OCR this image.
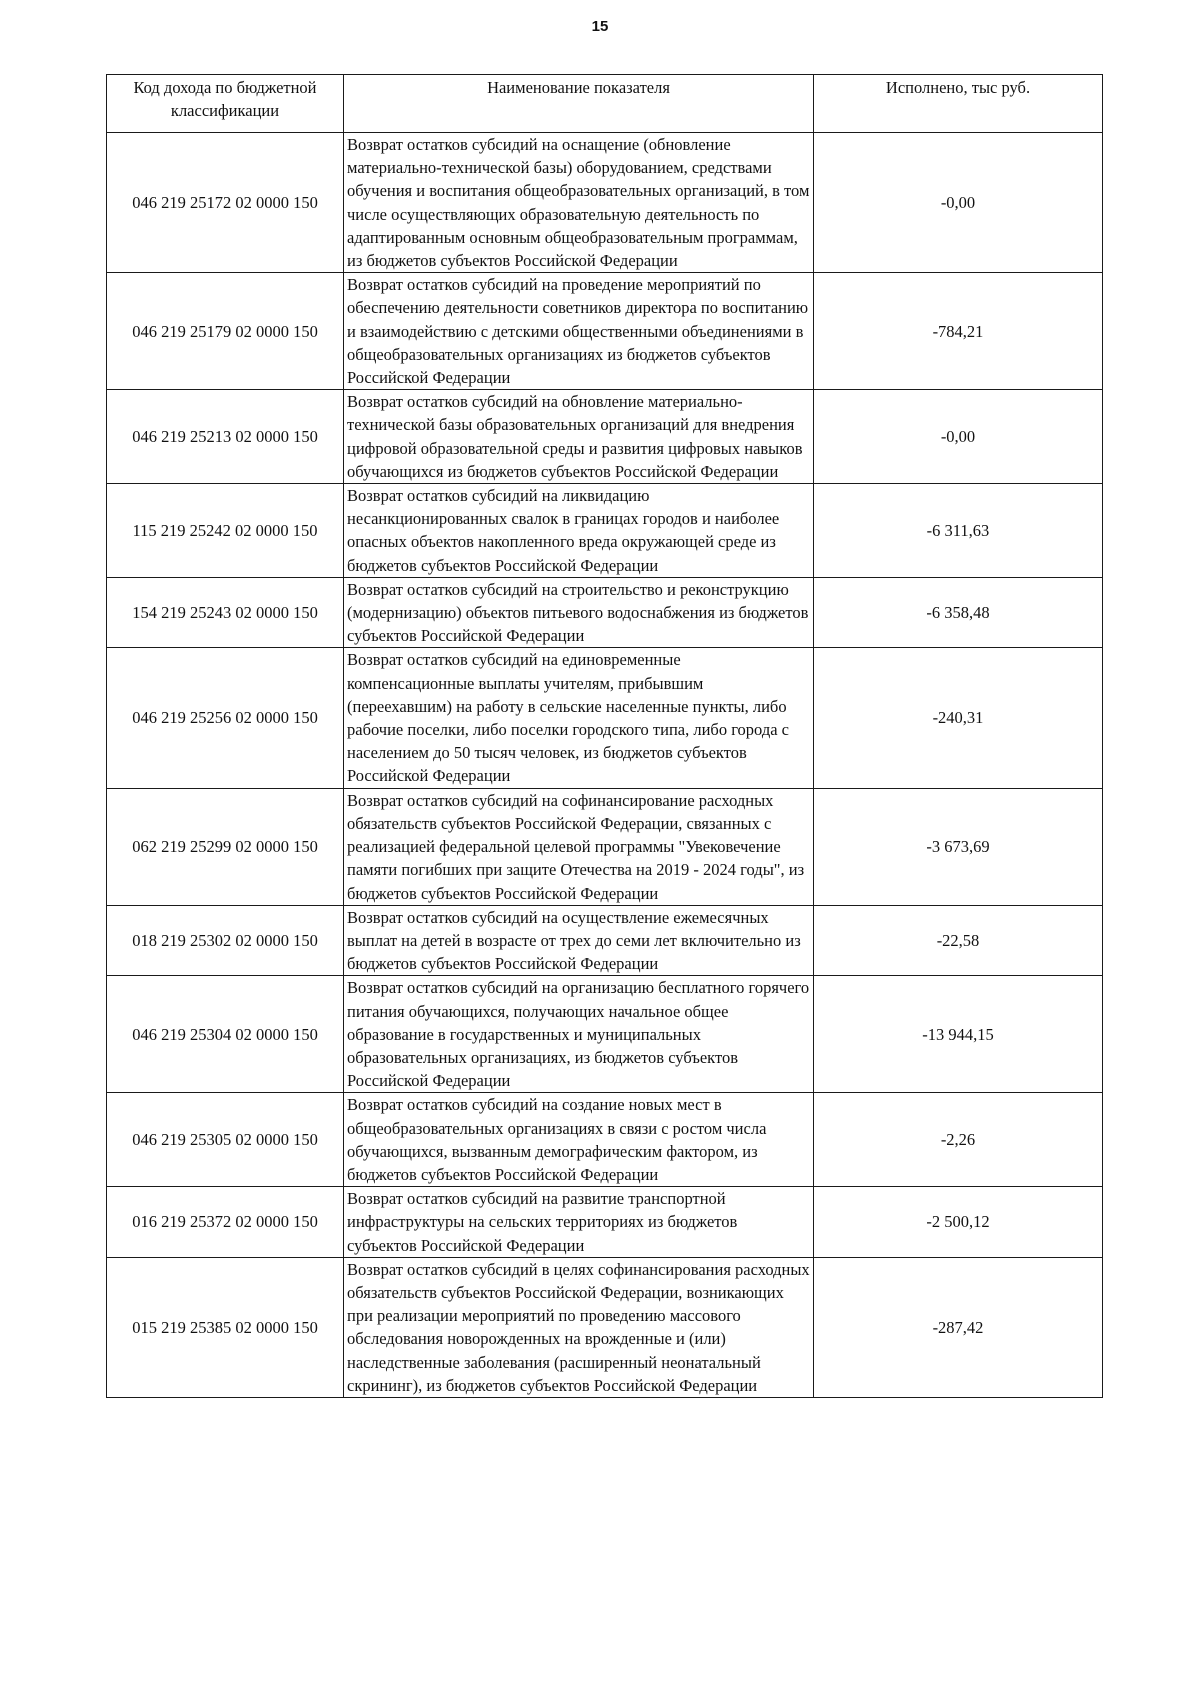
15
Код дохода по бюджетной классификации	Наименование показателя	Исполнено, тыс руб.
046 219 25172 02 0000 150	Возврат остатков субсидий на оснащение (обновление материально-технической базы) оборудованием, средствами обучения и воспитания общеобразовательных организаций, в том числе осуществляющих образовательную деятельность по адаптированным основным общеобразовательным программам, из бюджетов субъектов Российской Федерации	-0,00
046 219 25179 02 0000 150	Возврат остатков субсидий на проведение мероприятий по обеспечению деятельности советников директора по воспитанию и взаимодействию с детскими общественными объединениями в общеобразовательных организациях из бюджетов субъектов Российской Федерации	-784,21
046 219 25213 02 0000 150	Возврат остатков субсидий на обновление материально-технической базы образовательных организаций для внедрения цифровой образовательной среды и развития цифровых навыков обучающихся из бюджетов субъектов Российской Федерации	-0,00
115 219 25242 02 0000 150	Возврат остатков субсидий на ликвидацию несанкционированных свалок в границах городов и наиболее опасных объектов накопленного вреда окружающей среде из бюджетов субъектов Российской Федерации	-6 311,63
154 219 25243 02 0000 150	Возврат остатков субсидий на строительство и реконструкцию (модернизацию) объектов питьевого водоснабжения из бюджетов субъектов Российской Федерации	-6 358,48
046 219 25256 02 0000 150	Возврат остатков субсидий на единовременные компенсационные выплаты учителям, прибывшим (переехавшим) на работу в сельские населенные пункты, либо рабочие поселки, либо поселки городского типа, либо города с населением до 50 тысяч человек, из бюджетов субъектов Российской Федерации	-240,31
062 219 25299 02 0000 150	Возврат остатков субсидий на софинансирование расходных обязательств субъектов Российской Федерации, связанных с реализацией федеральной целевой программы "Увековечение памяти погибших при защите Отечества на 2019 - 2024 годы", из бюджетов субъектов Российской Федерации	-3 673,69
018 219 25302 02 0000 150	Возврат остатков субсидий на осуществление ежемесячных выплат на детей в возрасте от трех до семи лет включительно из бюджетов субъектов Российской Федерации	-22,58
046 219 25304 02 0000 150	Возврат остатков субсидий на организацию бесплатного горячего питания обучающихся, получающих начальное общее образование в государственных и муниципальных образовательных организациях, из бюджетов субъектов Российской Федерации	-13 944,15
046 219 25305 02 0000 150	Возврат остатков субсидий на создание новых мест в общеобразовательных организациях в связи с ростом числа обучающихся, вызванным демографическим фактором, из бюджетов субъектов Российской Федерации	-2,26
016 219 25372 02 0000 150	Возврат остатков субсидий на развитие транспортной инфраструктуры на сельских территориях из бюджетов субъектов Российской Федерации	-2 500,12
015 219 25385 02 0000 150	Возврат остатков субсидий в целях софинансирования расходных обязательств субъектов Российской Федерации, возникающих при реализации мероприятий по проведению массового обследования новорожденных на врожденные и (или) наследственные заболевания (расширенный неонатальный скрининг), из бюджетов субъектов Российской Федерации	-287,42
